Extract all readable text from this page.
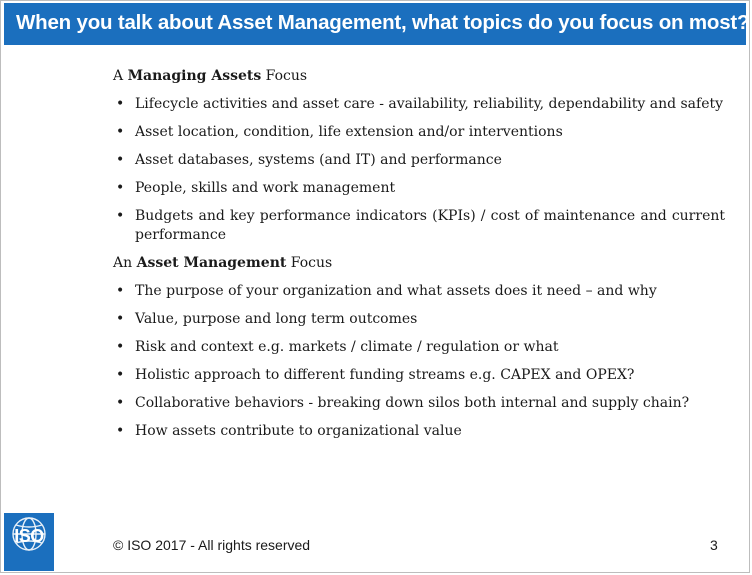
When you talk about Asset Management, what topics do you focus on most?
A Managing Assets Focus
• Lifecycle activities and asset care - availability, reliability, dependability and safety
• Asset location, condition, life extension and/or interventions
• Asset databases, systems (and IT) and performance
• People, skills and work management
• Budgets and key performance indicators (KPIs) / cost of maintenance and current performance
An Asset Management Focus
• The purpose of your organization and what assets does it need – and why
• Value, purpose and long term outcomes
• Risk and context e.g. markets / climate / regulation or what
• Holistic approach to different funding streams e.g. CAPEX and OPEX?
• Collaborative behaviors - breaking down silos both internal and supply chain?
• How assets contribute to organizational value
ISO	© ISO 2017 - All rights reserved	3
